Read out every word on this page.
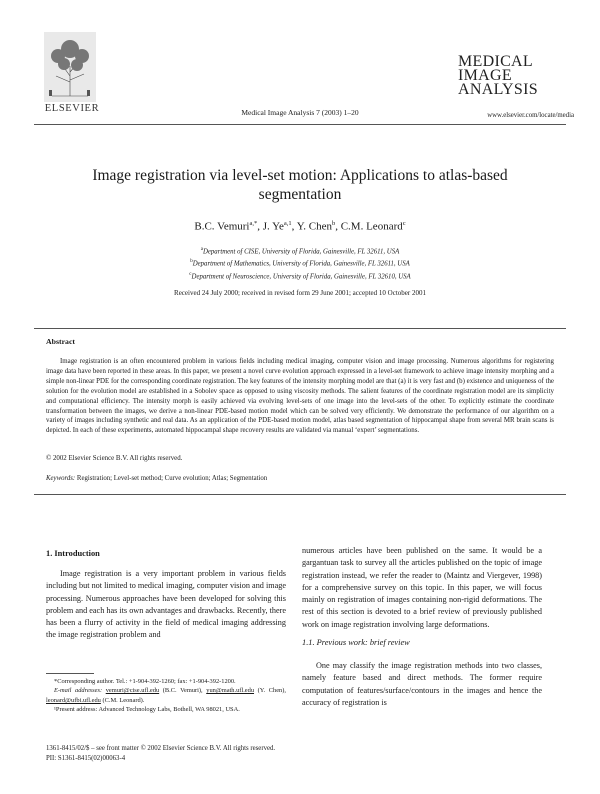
ELSEVIER	Medical Image Analysis 7 (2003) 1–20
MEDICAL
IMAGE
ANALYSIS
www.elsevier.com/locate/media
Image registration via level-set motion: Applications to atlas-based segmentation
B.C. Vemuri$^{a,*}$, J. Ye$^{a,1}$, Y. Chen$^b$, C.M. Leonard$^c$
$^a$Department of CISE, University of Florida, Gainesville, FL 32611, USA
$^b$Department of Mathematics, University of Florida, Gainesville, FL 32611, USA
$^c$Department of Neuroscience, University of Florida, Gainesville, FL 32610, USA
Received 24 July 2000; received in revised form 29 June 2001; accepted 10 October 2001
Abstract
Image registration is an often encountered problem in various fields including medical imaging, computer vision and image processing. Numerous algorithms for registering image data have been reported in these areas. In this paper, we present a novel curve evolution approach expressed in a level-set framework to achieve image intensity morphing and a simple non-linear PDE for the corresponding coordinate registration. The key features of the intensity morphing model are that (a) it is very fast and (b) existence and uniqueness of the solution for the evolution model are established in a Sobolev space as opposed to using viscosity methods. The salient features of the coordinate registration model are its simplicity and computational efficiency. The intensity morph is easily achieved via evolving level-sets of one image into the level-sets of the other. To explicitly estimate the coordinate transformation between the images, we derive a non-linear PDE-based motion model which can be solved very efficiently. We demonstrate the performance of our algorithm on a variety of images including synthetic and real data. As an application of the PDE-based motion model, atlas based segmentation of hippocampal shape from several MR brain scans is depicted. In each of these experiments, automated hippocampal shape recovery results are validated via manual ‘expert’ segmentations.
© 2002 Elsevier Science B.V. All rights reserved.
Keywords: Registration; Level-set method; Curve evolution; Atlas; Segmentation
1. Introduction
Image registration is a very important problem in various fields including but not limited to medical imaging, computer vision and image processing. Numerous approaches have been developed for solving this problem and each has its own advantages and drawbacks. Recently, there has been a flurry of activity in the field of medical imaging addressing the image registration problem and

*Corresponding author. Tel.: +1-904-392-1260; fax: +1-904-392-1200.

E-mail addresses: vemuri@cise.ufl.edu (B.C. Vemuri), yun@math.ufl.edu (Y. Chen), leonard@ufbi.ufl.edu (C.M. Leonard).

¹Present address: Advanced Technology Labs, Bothell, WA 98021, USA.

numerous articles have been published on the same. It would be a gargantuan task to survey all the articles published on the topic of image registration instead, we refer the reader to (Maintz and Viergever, 1998) for a comprehensive survey on this topic. In this paper, we will focus mainly on registration of images containing non-rigid deformations. The rest of this section is devoted to a brief review of previously published work on image registration involving large deformations.
1.1. Previous work: brief review
One may classify the image registration methods into two classes, namely feature based and direct methods. The former require computation of features/surface/contours in the images and hence the accuracy of registration is
1361-8415/02/$ – see front matter © 2002 Elsevier Science B.V. All rights reserved.
PII: S1361-8415(02)00063-4
